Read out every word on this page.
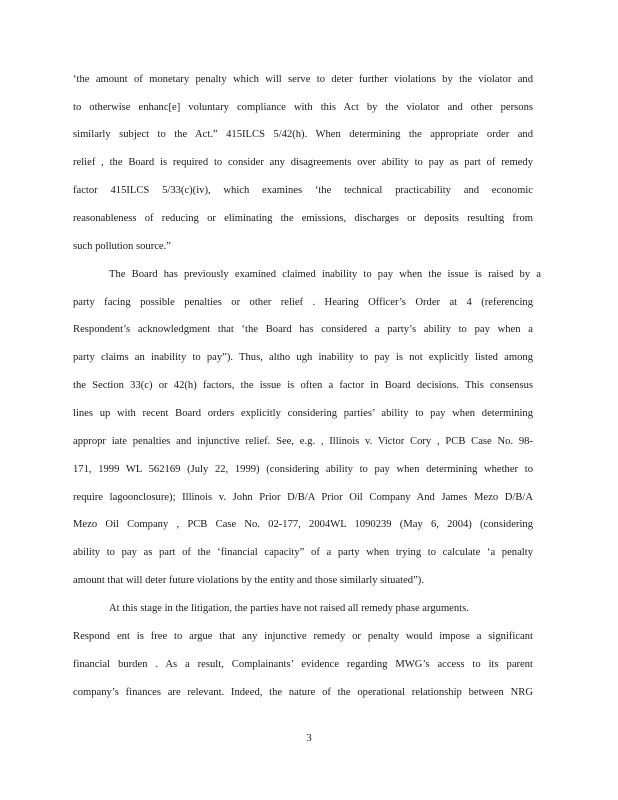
‘the amount of monetary penalty which will serve to deter further violations by the violator and
to otherwise enhanc[e] voluntary compliance with this Act by the violator and other persons
similarly subject to the Act.” 415ILCS 5/42(h). When determining the appropriate order and
relief , the Board is required to consider any disagreements over ability to pay as part of remedy
factor 415ILCS 5/33(c)(iv), which examines ‘the technical practicability and economic
reasonableness of reducing or eliminating the emissions, discharges or deposits resulting from
such pollution source.”
The Board has previously examined claimed inability to pay when the issue is raised by a
party facing possible penalties or other relief . Hearing Officer’s Order at 4 (referencing
Respondent’s acknowledgment that ‘the Board has considered a party’s ability to pay when a
party claims an inability to pay”). Thus, altho ugh inability to pay is not explicitly listed among
the Section 33(c) or 42(h) factors, the issue is often a factor in Board decisions. This consensus
lines up with recent Board orders explicitly considering parties’ ability to pay when determining
appropr iate penalties and injunctive relief. See, e.g. , Illinois v. Victor Cory , PCB Case No. 98-
171, 1999 WL 562169 (July 22, 1999) (considering ability to pay when determining whether to
require lagoonclosure); Illinois v. John Prior D/B/A Prior Oil Company And James Mezo D/B/A
Mezo Oil Company , PCB Case No. 02-177, 2004WL 1090239 (May 6, 2004) (considering
ability to pay as part of the ‘financial capacity” of a party when trying to calculate ‘a penalty
amount that will deter future violations by the entity and those similarly situated”).
At this stage in the litigation, the parties have not raised all remedy phase arguments.
Respond ent is free to argue that any injunctive remedy or penalty would impose a significant
financial burden . As a result, Complainants’ evidence regarding MWG’s access to its parent
company’s finances are relevant. Indeed, the nature of the operational relationship between NRG
3
